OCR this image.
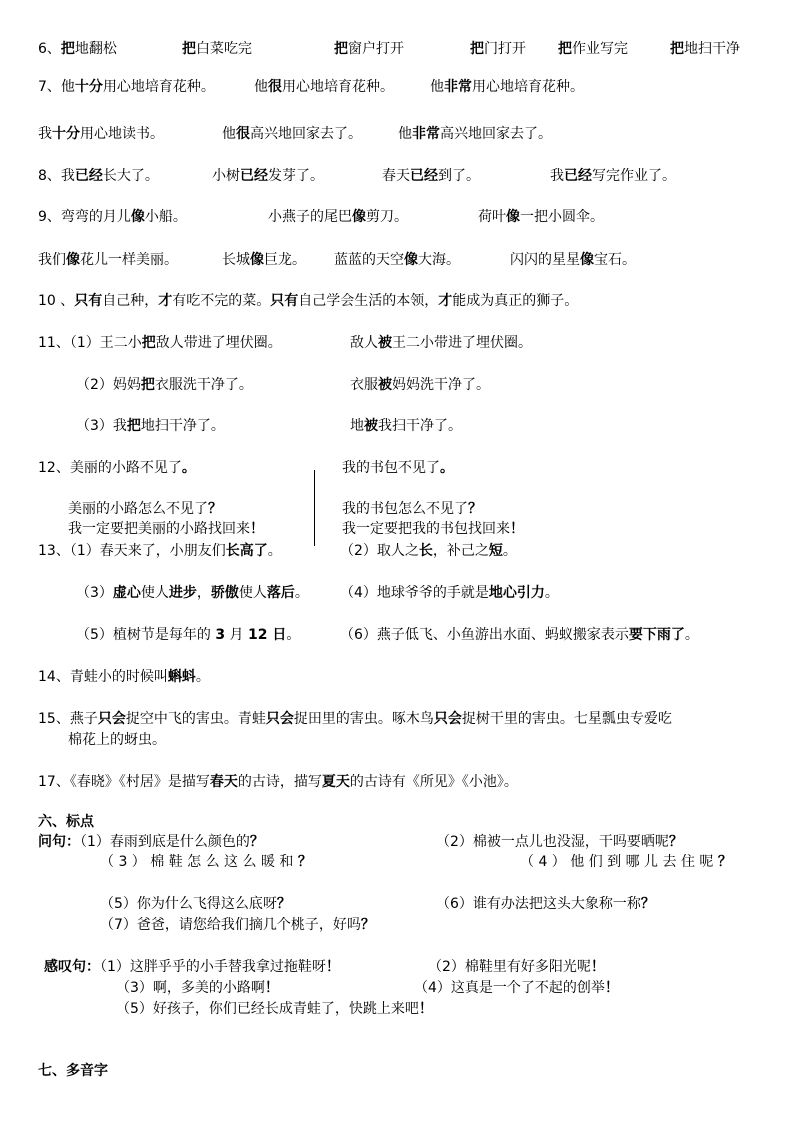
6、把地翻松	把白菜吃完	把窗户打开	把门打开 把作业写完	把地扫干净
7、他十分用心地培育花种。	他很用心地培育花种。	他非常用心地培育花种。
我十分用心地读书。	他很高兴地回家去了。	他非常高兴地回家去了。
8、我已经长大了。	小树已经发芽了。	春天已经到了。	我已经写完作业了。
9、弯弯的月儿像小船。	小燕子的尾巴像剪刀。	荷叶像一把小圆伞。
我们像花儿一样美丽。	长城像巨龙。 蓝蓝的天空像大海。	闪闪的星星像宝石。
10 、只有自己种，才有吃不完的菜。只有自己学会生活的本领，才能成为真正的狮子。
11、（1）王二小把敌人带进了埋伏圈。	敌人被王二小带进了埋伏圈。
（2）妈妈把衣服洗干净了。	衣服被妈妈洗干净了。
（3）我把地扫干净了。	地被我扫干净了。
12、美丽的小路不见了。	我的书包不见了。
美丽的小路怎么不见了？	我的书包怎么不见了？
我一定要把美丽的小路找回来！	我一定要把我的书包找回来！
13、（1）春天来了，小朋友们长高了。	（2）取人之长，补己之短。
（3）虚心使人进步，骄傲使人落后。 （4）地球爷爷的手就是地心引力。
（5）植树节是每年的 3 月 12 日。	（6）燕子低飞、小鱼游出水面、蚂蚁搬家表示要下雨了。
14、青蛙小的时候叫蝌蚪。
15、燕子只会捉空中飞的害虫。青蛙只会捉田里的害虫。啄木鸟只会捉树干里的害虫。七星瓢虫专爱吃
棉花上的蚜虫。
17、《春晓》《村居》是描写春天的古诗，描写夏天的古诗有《所见》《小池》。
六、标点
问句：（1）春雨到底是什么颜色的？	（2）棉被一点儿也没湿，干吗要晒呢？
（ 3 ） 棉 鞋 怎 么 这 么 暖 和 ？	（ 4 ） 他 们 到 哪 儿 去 住 呢 ？
（5）你为什么飞得这么底呀？	（6）谁有办法把这头大象称一称？
（7）爸爸，请您给我们摘几个桃子，好吗？
感叹句：（1）这胖乎乎的小手替我拿过拖鞋呀！	（2）棉鞋里有好多阳光呢！
（3）啊，多美的小路啊！	（4）这真是一个了不起的创举！
（5）好孩子，你们已经长成青蛙了，快跳上来吧！
七、多音字
